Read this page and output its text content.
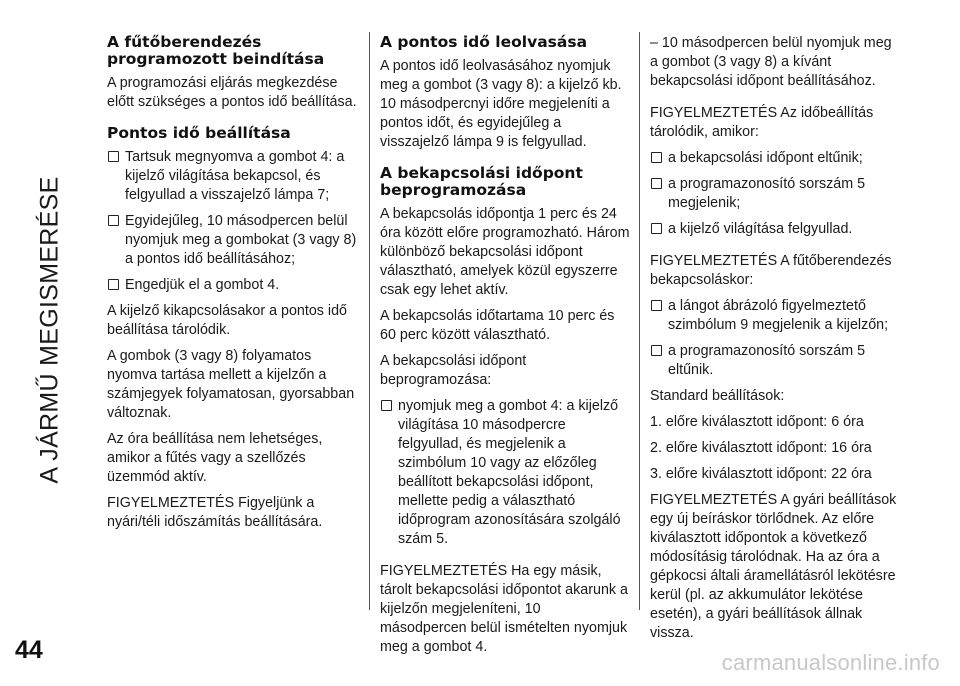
A JÁRMŰ MEGISMERÉSE
44
A fűtőberendezés programozott beindítása

A programozási eljárás megkezdése előtt szükséges a pontos idő beállítása.

Pontos idő beállítása
Tartsuk megnyomva a gombot 4: a kijelző világítása bekapcsol, és felgyullad a visszajelző lámpa 7;
Egyidejűleg, 10 másodpercen belül nyomjuk meg a gombokat (3 vagy 8) a pontos idő beállításához;
Engedjük el a gombot 4.

A kijelző kikapcsolásakor a pontos idő beállítása tárolódik.

A gombok (3 vagy 8) folyamatos nyomva tartása mellett a kijelzőn a számjegyek folyamatosan, gyorsabban változnak.

Az óra beállítása nem lehetséges, amikor a fűtés vagy a szellőzés üzemmód aktív.

FIGYELMEZTETÉS Figyeljünk a nyári/téli időszámítás beállítására.

A pontos idő leolvasása

A pontos idő leolvasásához nyomjuk meg a gombot (3 vagy 8): a kijelző kb. 10 másodpercnyi időre megjeleníti a pontos időt, és egyidejűleg a visszajelző lámpa 9 is felgyullad.

A bekapcsolási időpont beprogramozása

A bekapcsolás időpontja 1 perc és 24 óra között előre programozható. Három különböző bekapcsolási időpont választható, amelyek közül egyszerre csak egy lehet aktív.

A bekapcsolás időtartama 10 perc és 60 perc között választható.

A bekapcsolási időpont beprogramozása:

nyomjuk meg a gombot 4: a kijelző világítása 10 másodpercre felgyullad, és megjelenik a szimbólum 10 vagy az előzőleg beállított bekapcsolási időpont, mellette pedig a választható időprogram azonosítására szolgáló szám 5.

FIGYELMEZTETÉS Ha egy másik, tárolt bekapcsolási időpontot akarunk a kijelzőn megjeleníteni, 10 másodpercen belül ismételten nyomjuk meg a gombot 4.

– 10 másodpercen belül nyomjuk meg a gombot (3 vagy 8) a kívánt bekapcsolási időpont beállításához.

FIGYELMEZTETÉS Az időbeállítás tárolódik, amikor:

a bekapcsolási időpont eltűnik;
a programazonosító sorszám 5 megjelenik;
a kijelző világítása felgyullad.

FIGYELMEZTETÉS A fűtőberendezés bekapcsoláskor:

a lángot ábrázoló figyelmeztető szimbólum 9 megjelenik a kijelzőn;
a programazonosító sorszám 5 eltűnik.

Standard beállítások:

1. előre kiválasztott időpont: 6 óra

2. előre kiválasztott időpont: 16 óra

3. előre kiválasztott időpont: 22 óra

FIGYELMEZTETÉS A gyári beállítások egy új beíráskor törlődnek. Az előre kiválasztott időpontok a következő módosításig tárolódnak. Ha az óra a gépkocsi általi áramellátásról lekötésre kerül (pl. az akkumulátor lekötése esetén), a gyári beállítások állnak vissza.

carmanualsonline.info
